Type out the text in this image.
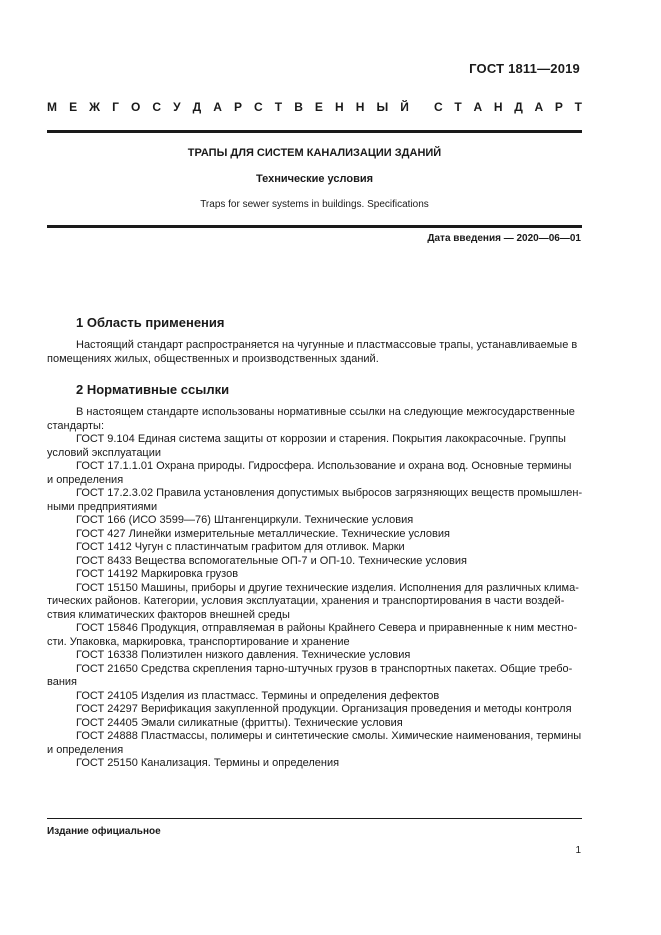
ГОСТ 1811—2019
М Е Ж Г О С У Д А Р С Т В Е Н Н Ы Й С Т А Н Д А Р Т
ТРАПЫ ДЛЯ СИСТЕМ КАНАЛИЗАЦИИ ЗДАНИЙ
Технические условия
Traps for sewer systems in buildings. Specifications
Дата введения — 2020—06—01
1 Область применения
Настоящий стандарт распространяется на чугунные и пластмассовые трапы, устанавливаемые в
помещениях жилых, общественных и производственных зданий.
2 Нормативные ссылки
В настоящем стандарте использованы нормативные ссылки на следующие межгосударственные
стандарты:
ГОСТ 9.104 Единая система защиты от коррозии и старения. Покрытия лакокрасочные. Группы
условий эксплуатации
ГОСТ 17.1.1.01 Охрана природы. Гидросфера. Использование и охрана вод. Основные термины
и определения
ГОСТ 17.2.3.02 Правила установления допустимых выбросов загрязняющих веществ промышлен-
ными предприятиями
ГОСТ 166 (ИСО 3599—76) Штангенциркули. Технические условия
ГОСТ 427 Линейки измерительные металлические. Технические условия
ГОСТ 1412 Чугун с пластинчатым графитом для отливок. Марки
ГОСТ 8433 Вещества вспомогательные ОП-7 и ОП-10. Технические условия
ГОСТ 14192 Маркировка грузов
ГОСТ 15150 Машины, приборы и другие технические изделия. Исполнения для различных клима-
тических районов. Категории, условия эксплуатации, хранения и транспортирования в части воздей-
ствия климатических факторов внешней среды
ГОСТ 15846 Продукция, отправляемая в районы Крайнего Севера и приравненные к ним местно-
сти. Упаковка, маркировка, транспортирование и хранение
ГОСТ 16338 Полиэтилен низкого давления. Технические условия
ГОСТ 21650 Средства скрепления тарно-штучных грузов в транспортных пакетах. Общие требо-
вания
ГОСТ 24105 Изделия из пластмасс. Термины и определения дефектов
ГОСТ 24297 Верификация закупленной продукции. Организация проведения и методы контроля
ГОСТ 24405 Эмали силикатные (фритты). Технические условия
ГОСТ 24888 Пластмассы, полимеры и синтетические смолы. Химические наименования, термины
и определения
ГОСТ 25150 Канализация. Термины и определения
Издание официальное
1
